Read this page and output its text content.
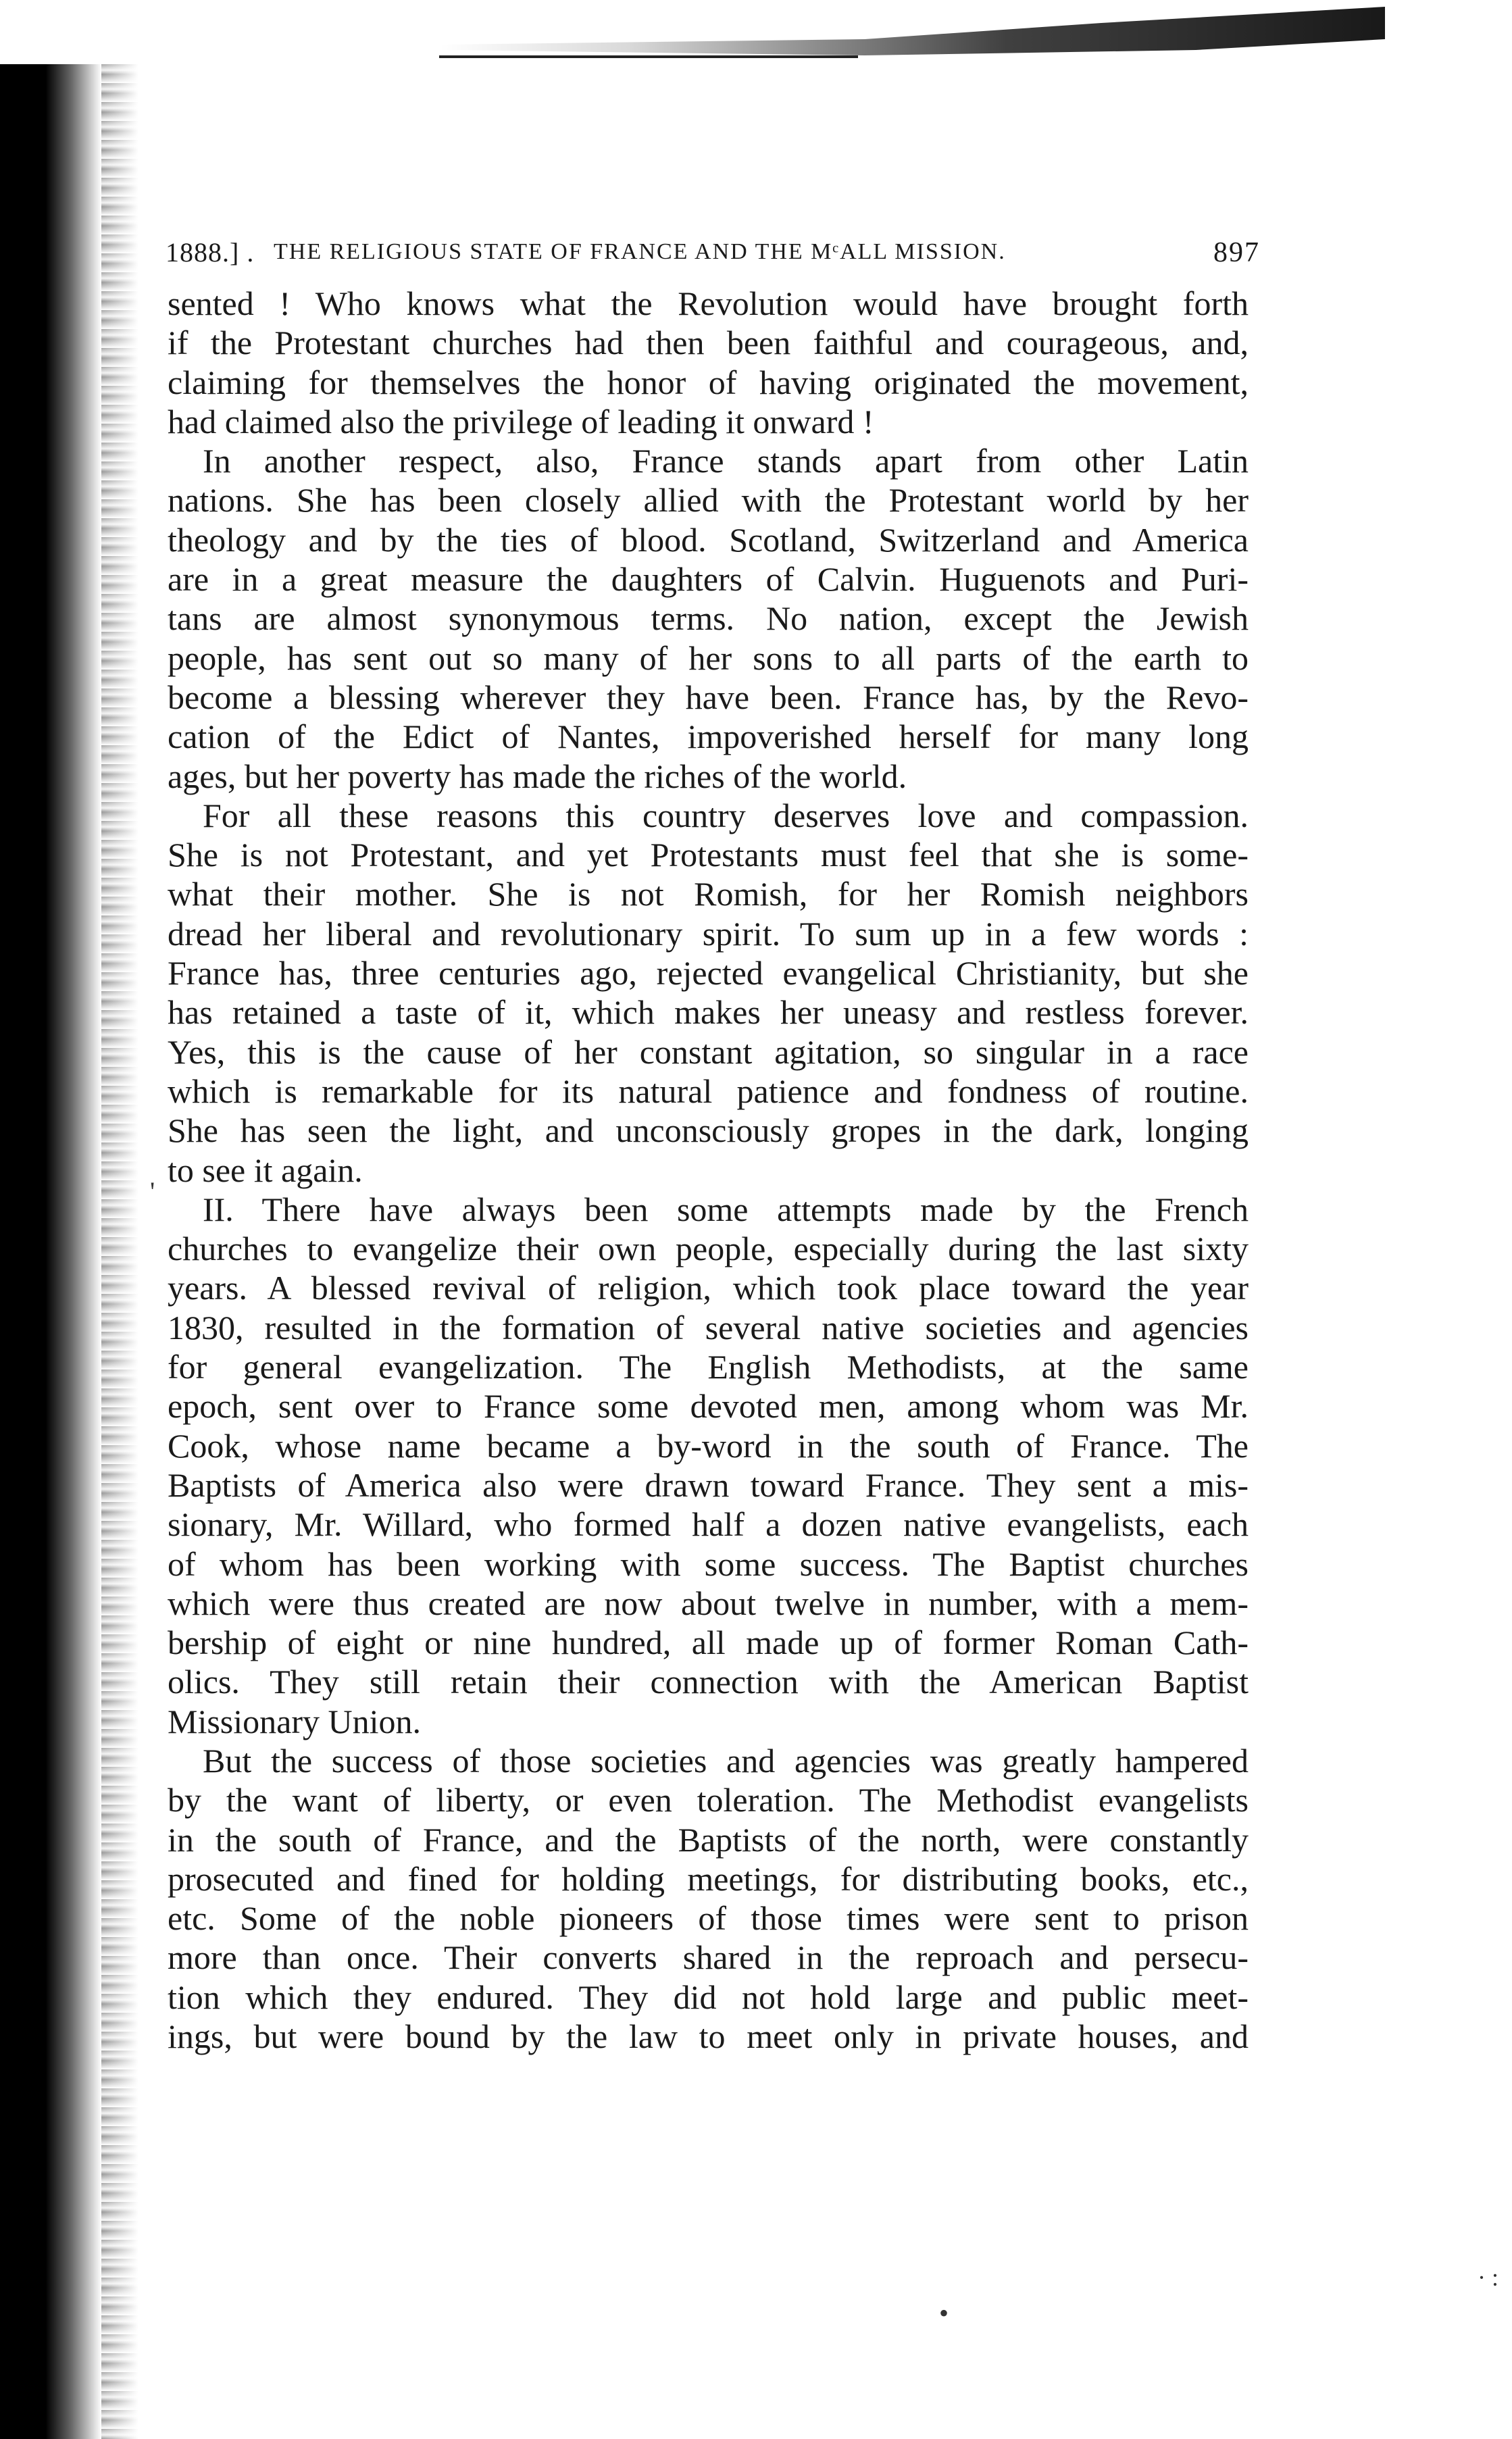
1888.] . THE RELIGIOUS STATE OF FRANCE AND THE MᶜALL MISSION.	897
sented ! Who knows what the Revolution would have brought forth
if the Protestant churches had then been faithful and courageous, and,
claiming for themselves the honor of having originated the movement,
had claimed also the privilege of leading it onward !
In another respect, also, France stands apart from other Latin
nations. She has been closely allied with the Protestant world by her
theology and by the ties of blood. Scotland, Switzerland and America
are in a great measure the daughters of Calvin. Huguenots and Puri-
tans are almost synonymous terms. No nation, except the Jewish
people, has sent out so many of her sons to all parts of the earth to
become a blessing wherever they have been. France has, by the Revo-
cation of the Edict of Nantes, impoverished herself for many long
ages, but her poverty has made the riches of the world.
For all these reasons this country deserves love and compassion.
She is not Protestant, and yet Protestants must feel that she is some-
what their mother. She is not Romish, for her Romish neighbors
dread her liberal and revolutionary spirit. To sum up in a few words :
France has, three centuries ago, rejected evangelical Christianity, but she
has retained a taste of it, which makes her uneasy and restless forever.
Yes, this is the cause of her constant agitation, so singular in a race
which is remarkable for its natural patience and fondness of routine.
She has seen the light, and unconsciously gropes in the dark, longing
to see it again.
II. There have always been some attempts made by the French
churches to evangelize their own people, especially during the last sixty
years. A blessed revival of religion, which took place toward the year
1830, resulted in the formation of several native societies and agencies
for general evangelization. The English Methodists, at the same
epoch, sent over to France some devoted men, among whom was Mr.
Cook, whose name became a by-word in the south of France. The
Baptists of America also were drawn toward France. They sent a mis-
sionary, Mr. Willard, who formed half a dozen native evangelists, each
of whom has been working with some success. The Baptist churches
which were thus created are now about twelve in number, with a mem-
bership of eight or nine hundred, all made up of former Roman Cath-
olics. They still retain their connection with the American Baptist
Missionary Union.
But the success of those societies and agencies was greatly hampered
by the want of liberty, or even toleration. The Methodist evangelists
in the south of France, and the Baptists of the north, were constantly
prosecuted and fined for holding meetings, for distributing books, etc.,
etc. Some of the noble pioneers of those times were sent to prison
more than once. Their converts shared in the reproach and persecu-
tion which they endured. They did not hold large and public meet-
ings, but were bound by the law to meet only in private houses, and
'
•
· :
